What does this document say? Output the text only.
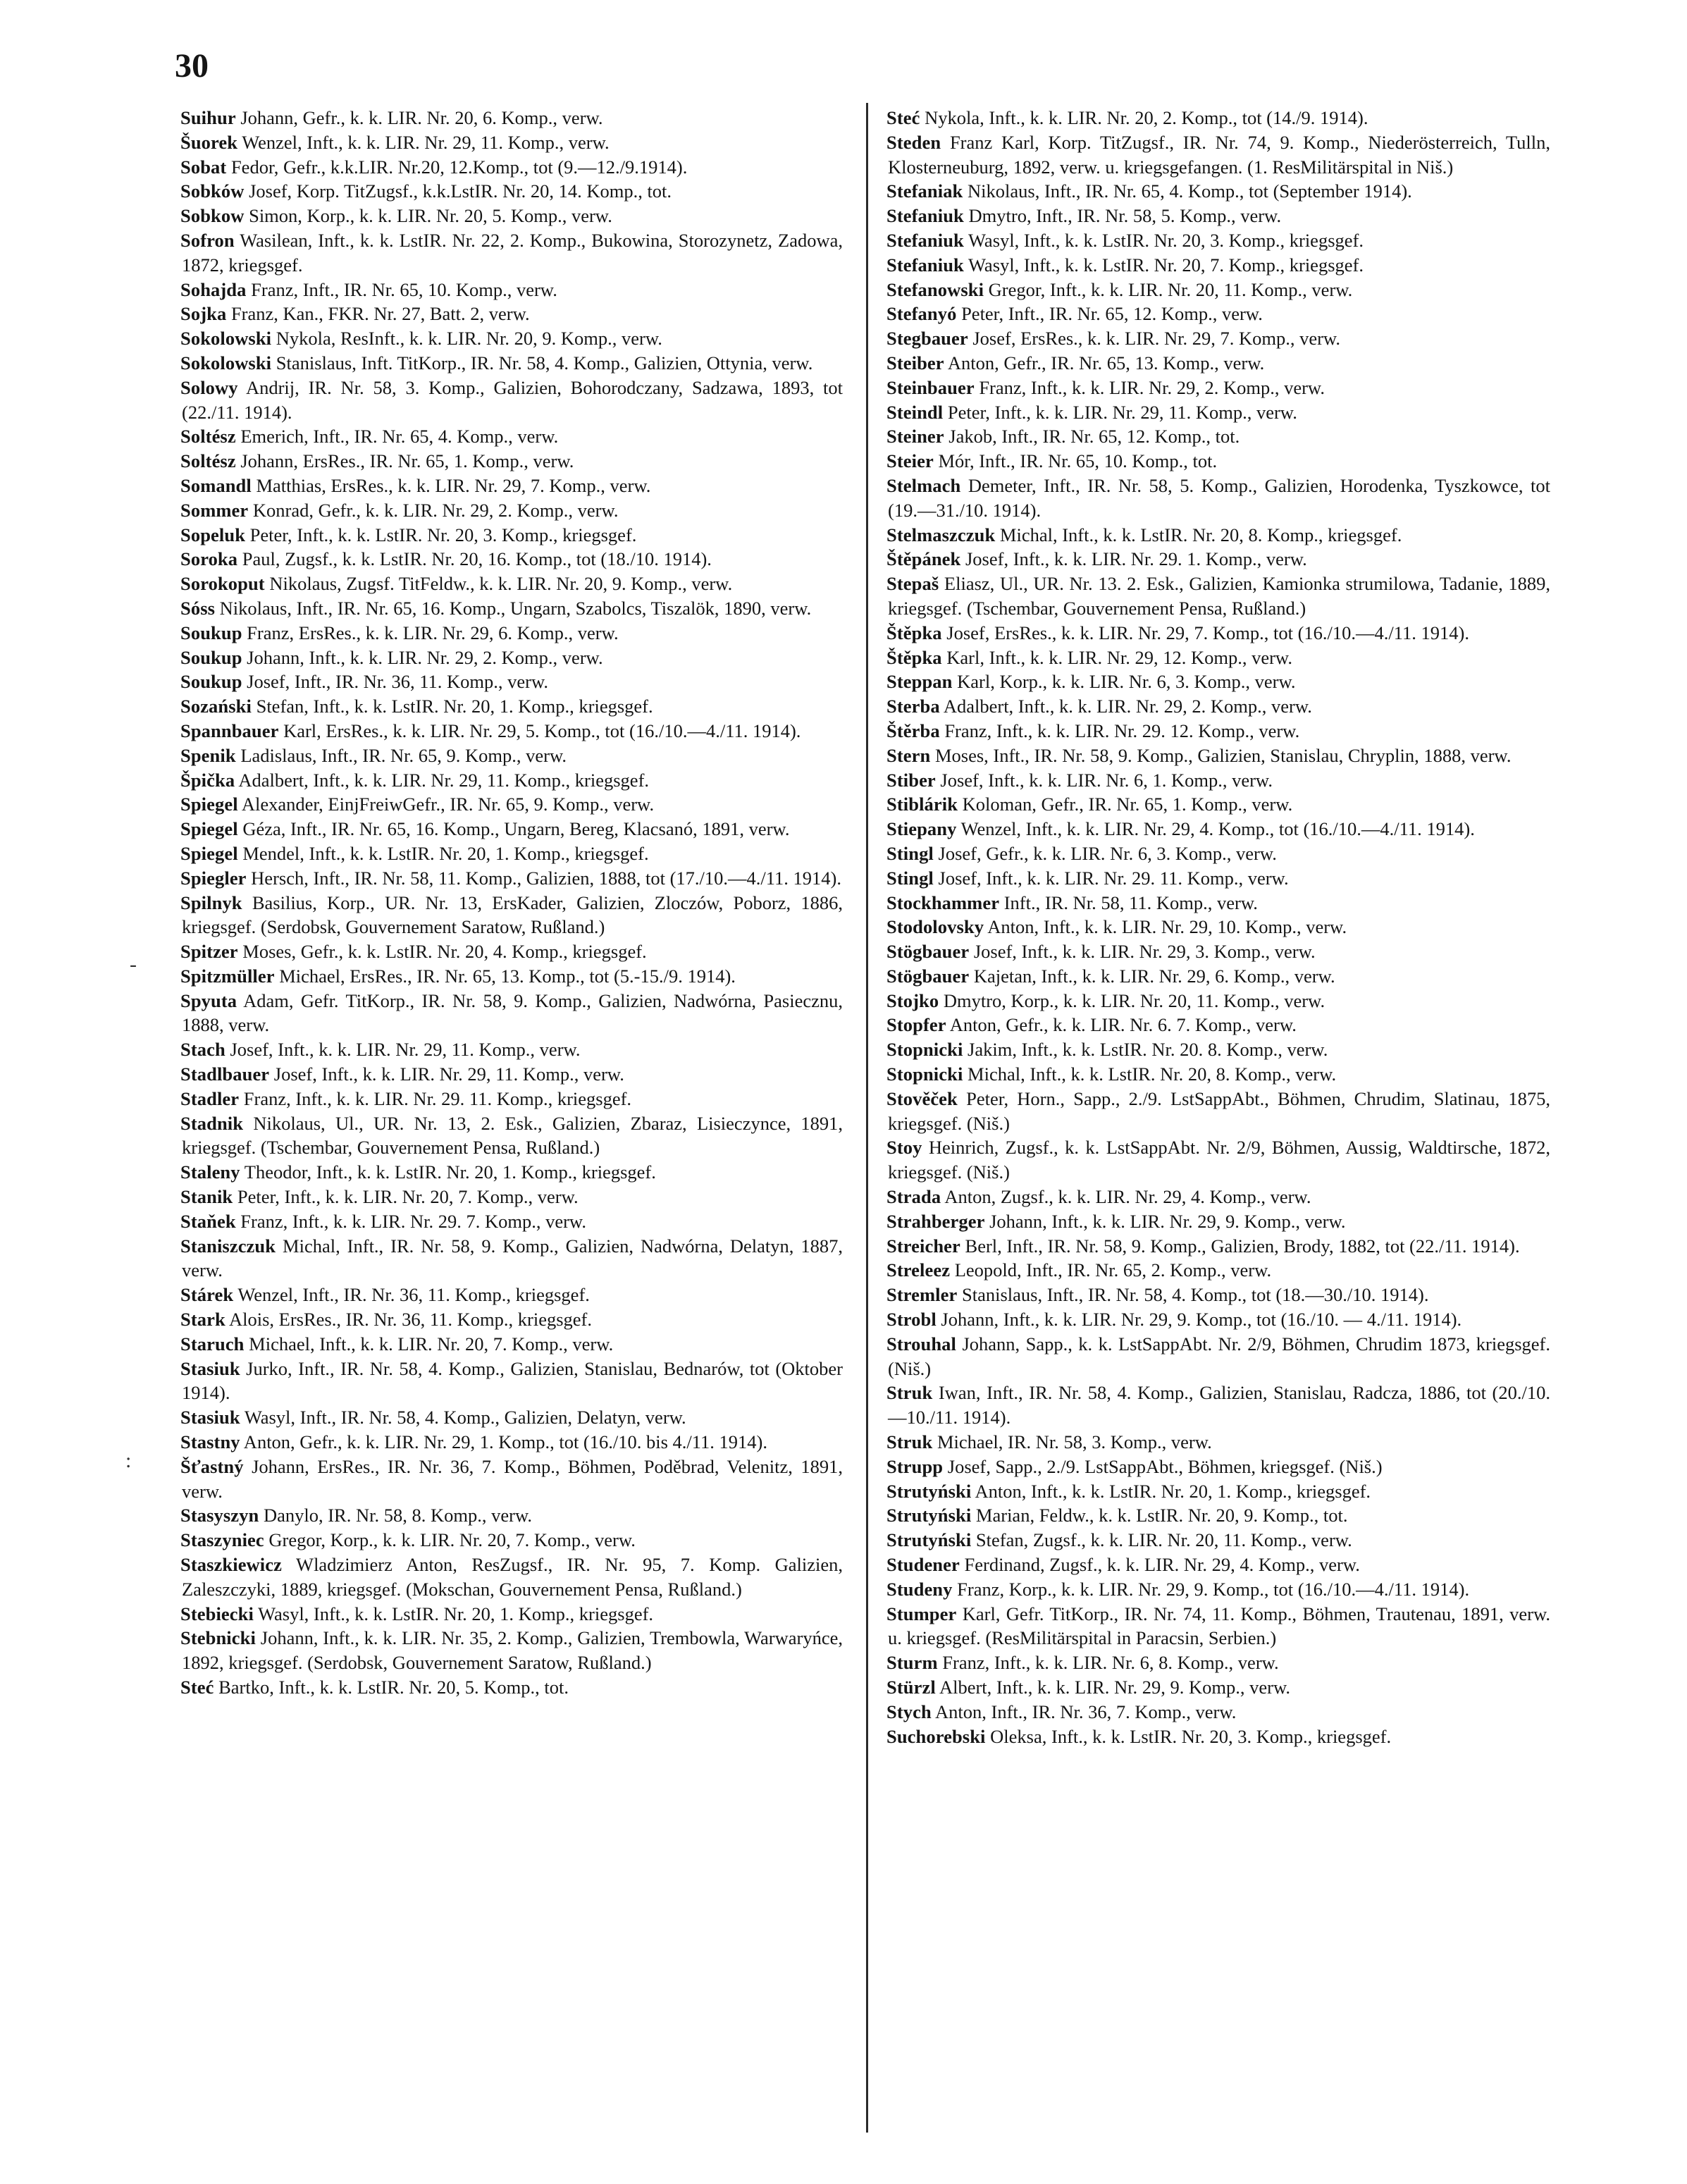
30

Suihur Johann, Gefr., k. k. LIR. Nr. 20, 6. Komp., verw.

Šuorek Wenzel, Inft., k. k. LIR. Nr. 29, 11. Komp., verw.

Sobat Fedor, Gefr., k.k.LIR. Nr.20, 12.Komp., tot (9.—12./9.1914).

Sobków Josef, Korp. TitZugsf., k.k.LstIR. Nr. 20, 14. Komp., tot.

Sobkow Simon, Korp., k. k. LIR. Nr. 20, 5. Komp., verw.

Sofron Wasilean, Inft., k. k. LstIR. Nr. 22, 2. Komp., Bukowina, Storozynetz, Zadowa, 1872, kriegsgef.

Sohajda Franz, Inft., IR. Nr. 65, 10. Komp., verw.

Sojka Franz, Kan., FKR. Nr. 27, Batt. 2, verw.

Sokolowski Nykola, ResInft., k. k. LIR. Nr. 20, 9. Komp., verw.

Sokolowski Stanislaus, Inft. TitKorp., IR. Nr. 58, 4. Komp., Galizien, Ottynia, verw.

Solowy Andrij, IR. Nr. 58, 3. Komp., Galizien, Bohorodczany, Sadzawa, 1893, tot (22./11. 1914).

Soltész Emerich, Inft., IR. Nr. 65, 4. Komp., verw.

Soltész Johann, ErsRes., IR. Nr. 65, 1. Komp., verw.

Somandl Matthias, ErsRes., k. k. LIR. Nr. 29, 7. Komp., verw.

Sommer Konrad, Gefr., k. k. LIR. Nr. 29, 2. Komp., verw.

Sopeluk Peter, Inft., k. k. LstIR. Nr. 20, 3. Komp., kriegsgef.

Soroka Paul, Zugsf., k. k. LstIR. Nr. 20, 16. Komp., tot (18./10. 1914).

Sorokoput Nikolaus, Zugsf. TitFeldw., k. k. LIR. Nr. 20, 9. Komp., verw.

Sóss Nikolaus, Inft., IR. Nr. 65, 16. Komp., Ungarn, Szabolcs, Tiszalök, 1890, verw.

Soukup Franz, ErsRes., k. k. LIR. Nr. 29, 6. Komp., verw.

Soukup Johann, Inft., k. k. LIR. Nr. 29, 2. Komp., verw.

Soukup Josef, Inft., IR. Nr. 36, 11. Komp., verw.

Sozański Stefan, Inft., k. k. LstIR. Nr. 20, 1. Komp., kriegsgef.

Spannbauer Karl, ErsRes., k. k. LIR. Nr. 29, 5. Komp., tot (16./10.—4./11. 1914).

Spenik Ladislaus, Inft., IR. Nr. 65, 9. Komp., verw.

Špička Adalbert, Inft., k. k. LIR. Nr. 29, 11. Komp., kriegsgef.

Spiegel Alexander, EinjFreiwGefr., IR. Nr. 65, 9. Komp., verw.

Spiegel Géza, Inft., IR. Nr. 65, 16. Komp., Ungarn, Bereg, Klacsanó, 1891, verw.

Spiegel Mendel, Inft., k. k. LstIR. Nr. 20, 1. Komp., kriegsgef.

Spiegler Hersch, Inft., IR. Nr. 58, 11. Komp., Galizien, 1888, tot (17./10.—4./11. 1914).

Spilnyk Basilius, Korp., UR. Nr. 13, ErsKader, Galizien, Zloczów, Poborz, 1886, kriegsgef. (Serdobsk, Gouvernement Saratow, Rußland.)

Spitzer Moses, Gefr., k. k. LstIR. Nr. 20, 4. Komp., kriegsgef.

Spitzmüller Michael, ErsRes., IR. Nr. 65, 13. Komp., tot (5.-15./9. 1914).

Spyuta Adam, Gefr. TitKorp., IR. Nr. 58, 9. Komp., Galizien, Nadwórna, Pasiecznu, 1888, verw.

Stach Josef, Inft., k. k. LIR. Nr. 29, 11. Komp., verw.

Stadlbauer Josef, Inft., k. k. LIR. Nr. 29, 11. Komp., verw.

Stadler Franz, Inft., k. k. LIR. Nr. 29. 11. Komp., kriegsgef.

Stadnik Nikolaus, Ul., UR. Nr. 13, 2. Esk., Galizien, Zbaraz, Lisieczynce, 1891, kriegsgef. (Tschembar, Gouvernement Pensa, Rußland.)

Staleny Theodor, Inft., k. k. LstIR. Nr. 20, 1. Komp., kriegsgef.

Stanik Peter, Inft., k. k. LIR. Nr. 20, 7. Komp., verw.

Staňek Franz, Inft., k. k. LIR. Nr. 29. 7. Komp., verw.

Staniszczuk Michal, Inft., IR. Nr. 58, 9. Komp., Galizien, Nadwórna, Delatyn, 1887, verw.

Stárek Wenzel, Inft., IR. Nr. 36, 11. Komp., kriegsgef.

Stark Alois, ErsRes., IR. Nr. 36, 11. Komp., kriegsgef.

Staruch Michael, Inft., k. k. LIR. Nr. 20, 7. Komp., verw.

Stasiuk Jurko, Inft., IR. Nr. 58, 4. Komp., Galizien, Stanislau, Bednarów, tot (Oktober 1914).

Stasiuk Wasyl, Inft., IR. Nr. 58, 4. Komp., Galizien, Delatyn, verw.

Stastny Anton, Gefr., k. k. LIR. Nr. 29, 1. Komp., tot (16./10. bis 4./11. 1914).

Šťastný Johann, ErsRes., IR. Nr. 36, 7. Komp., Böhmen, Poděbrad, Velenitz, 1891, verw.

Stasyszyn Danylo, IR. Nr. 58, 8. Komp., verw.

Staszyniec Gregor, Korp., k. k. LIR. Nr. 20, 7. Komp., verw.

Staszkiewicz Wladzimierz Anton, ResZugsf., IR. Nr. 95, 7. Komp. Galizien, Zaleszczyki, 1889, kriegsgef. (Mokschan, Gouvernement Pensa, Rußland.)

Stebiecki Wasyl, Inft., k. k. LstIR. Nr. 20, 1. Komp., kriegsgef.

Stebnicki Johann, Inft., k. k. LIR. Nr. 35, 2. Komp., Galizien, Trembowla, Warwaryńce, 1892, kriegsgef. (Serdobsk, Gouvernement Saratow, Rußland.)

Steć Bartko, Inft., k. k. LstIR. Nr. 20, 5. Komp., tot.

Steć Nykola, Inft., k. k. LIR. Nr. 20, 2. Komp., tot (14./9. 1914).

Steden Franz Karl, Korp. TitZugsf., IR. Nr. 74, 9. Komp., Niederösterreich, Tulln, Klosterneuburg, 1892, verw. u. kriegsgefangen. (1. ResMilitärspital in Niš.)

Stefaniak Nikolaus, Inft., IR. Nr. 65, 4. Komp., tot (September 1914).

Stefaniuk Dmytro, Inft., IR. Nr. 58, 5. Komp., verw.

Stefaniuk Wasyl, Inft., k. k. LstIR. Nr. 20, 3. Komp., kriegsgef.

Stefaniuk Wasyl, Inft., k. k. LstIR. Nr. 20, 7. Komp., kriegsgef.

Stefanowski Gregor, Inft., k. k. LIR. Nr. 20, 11. Komp., verw.

Stefanyó Peter, Inft., IR. Nr. 65, 12. Komp., verw.

Stegbauer Josef, ErsRes., k. k. LIR. Nr. 29, 7. Komp., verw.

Steiber Anton, Gefr., IR. Nr. 65, 13. Komp., verw.

Steinbauer Franz, Inft., k. k. LIR. Nr. 29, 2. Komp., verw.

Steindl Peter, Inft., k. k. LIR. Nr. 29, 11. Komp., verw.

Steiner Jakob, Inft., IR. Nr. 65, 12. Komp., tot.

Steier Mór, Inft., IR. Nr. 65, 10. Komp., tot.

Stelmach Demeter, Inft., IR. Nr. 58, 5. Komp., Galizien, Horodenka, Tyszkowce, tot (19.—31./10. 1914).

Stelmaszczuk Michal, Inft., k. k. LstIR. Nr. 20, 8. Komp., kriegsgef.

Štěpánek Josef, Inft., k. k. LIR. Nr. 29. 1. Komp., verw.

Stepaš Eliasz, Ul., UR. Nr. 13. 2. Esk., Galizien, Kamionka strumilowa, Tadanie, 1889, kriegsgef. (Tschembar, Gouvernement Pensa, Rußland.)

Štěpka Josef, ErsRes., k. k. LIR. Nr. 29, 7. Komp., tot (16./10.—4./11. 1914).

Štěpka Karl, Inft., k. k. LIR. Nr. 29, 12. Komp., verw.

Steppan Karl, Korp., k. k. LIR. Nr. 6, 3. Komp., verw.

Sterba Adalbert, Inft., k. k. LIR. Nr. 29, 2. Komp., verw.

Štěrba Franz, Inft., k. k. LIR. Nr. 29. 12. Komp., verw.

Stern Moses, Inft., IR. Nr. 58, 9. Komp., Galizien, Stanislau, Chryplin, 1888, verw.

Stiber Josef, Inft., k. k. LIR. Nr. 6, 1. Komp., verw.

Stiblárik Koloman, Gefr., IR. Nr. 65, 1. Komp., verw.

Stiepany Wenzel, Inft., k. k. LIR. Nr. 29, 4. Komp., tot (16./10.—4./11. 1914).

Stingl Josef, Gefr., k. k. LIR. Nr. 6, 3. Komp., verw.

Stingl Josef, Inft., k. k. LIR. Nr. 29. 11. Komp., verw.

Stockhammer Inft., IR. Nr. 58, 11. Komp., verw.

Stodolovsky Anton, Inft., k. k. LIR. Nr. 29, 10. Komp., verw.

Stögbauer Josef, Inft., k. k. LIR. Nr. 29, 3. Komp., verw.

Stögbauer Kajetan, Inft., k. k. LIR. Nr. 29, 6. Komp., verw.

Stojko Dmytro, Korp., k. k. LIR. Nr. 20, 11. Komp., verw.

Stopfer Anton, Gefr., k. k. LIR. Nr. 6. 7. Komp., verw.

Stopnicki Jakim, Inft., k. k. LstIR. Nr. 20. 8. Komp., verw.

Stopnicki Michal, Inft., k. k. LstIR. Nr. 20, 8. Komp., verw.

Stověček Peter, Horn., Sapp., 2./9. LstSappAbt., Böhmen, Chrudim, Slatinau, 1875, kriegsgef. (Niš.)

Stoy Heinrich, Zugsf., k. k. LstSappAbt. Nr. 2/9, Böhmen, Aussig, Waldtirsche, 1872, kriegsgef. (Niš.)

Strada Anton, Zugsf., k. k. LIR. Nr. 29, 4. Komp., verw.

Strahberger Johann, Inft., k. k. LIR. Nr. 29, 9. Komp., verw.

Streicher Berl, Inft., IR. Nr. 58, 9. Komp., Galizien, Brody, 1882, tot (22./11. 1914).

Streleez Leopold, Inft., IR. Nr. 65, 2. Komp., verw.

Stremler Stanislaus, Inft., IR. Nr. 58, 4. Komp., tot (18.—30./10. 1914).

Strobl Johann, Inft., k. k. LIR. Nr. 29, 9. Komp., tot (16./10. — 4./11. 1914).

Strouhal Johann, Sapp., k. k. LstSappAbt. Nr. 2/9, Böhmen, Chrudim 1873, kriegsgef. (Niš.)

Struk Iwan, Inft., IR. Nr. 58, 4. Komp., Galizien, Stanislau, Radcza, 1886, tot (20./10.—10./11. 1914).

Struk Michael, IR. Nr. 58, 3. Komp., verw.

Strupp Josef, Sapp., 2./9. LstSappAbt., Böhmen, kriegsgef. (Niš.)

Strutyński Anton, Inft., k. k. LstIR. Nr. 20, 1. Komp., kriegsgef.

Strutyński Marian, Feldw., k. k. LstIR. Nr. 20, 9. Komp., tot.

Strutyński Stefan, Zugsf., k. k. LIR. Nr. 20, 11. Komp., verw.

Studener Ferdinand, Zugsf., k. k. LIR. Nr. 29, 4. Komp., verw.

Studeny Franz, Korp., k. k. LIR. Nr. 29, 9. Komp., tot (16./10.—4./11. 1914).

Stumper Karl, Gefr. TitKorp., IR. Nr. 74, 11. Komp., Böhmen, Trautenau, 1891, verw. u. kriegsgef. (ResMilitärspital in Paracsin, Serbien.)

Sturm Franz, Inft., k. k. LIR. Nr. 6, 8. Komp., verw.

Stürzl Albert, Inft., k. k. LIR. Nr. 29, 9. Komp., verw.

Stych Anton, Inft., IR. Nr. 36, 7. Komp., verw.

Suchorebski Oleksa, Inft., k. k. LstIR. Nr. 20, 3. Komp., kriegsgef.

-
:
